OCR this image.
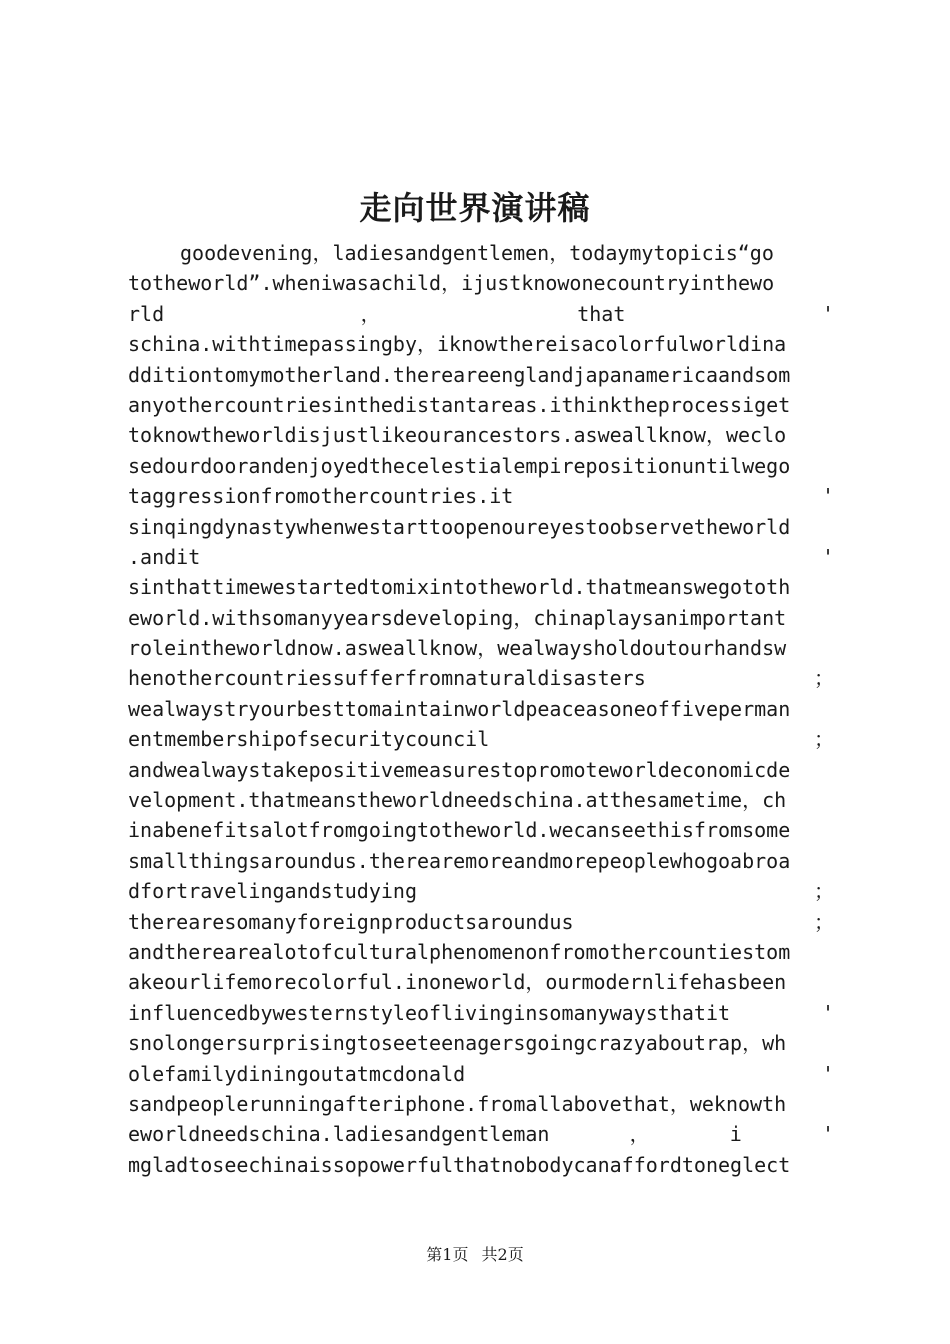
走向世界演讲稿
goodevening，ladiesandgentlemen，todaymytopicis“go
totheworld”.wheniwasachild，ijustknowonecountryinthewo
rld	，	that	'
schina.withtimepassingby，iknowthereisacolorfulworldina
dditiontomymotherland.thereareenglandjapanamericaandsom
anyothercountriesinthedistantareas.ithinktheprocessiget
toknowtheworldisjustlikeourancestors.asweallknow，weclo
sedourdoorandenjoyedthecelestialempirepositionuntilwego
taggressionfromothercountries.it	'
sinqingdynastywhenwestarttoopenoureyestoobservetheworld
.andit	'
sinthattimewestartedtomixintotheworld.thatmeanswegototh
eworld.withsomanyyearsdeveloping，chinaplaysanimportant
roleintheworldnow.asweallknow，wealwaysholdoutourhandsw
henothercountriessufferfromnaturaldisasters	；
wealwaystryourbesttomaintainworldpeaceasoneoffiveperman
entmembershipofsecuritycouncil	；
andwealwaystakepositivemeasurestopromoteworldeconomicde
velopment.thatmeanstheworldneedschina.atthesametime，ch
inabenefitsalotfromgoingtotheworld.wecanseethisfromsome
smallthingsaroundus.therearemoreandmorepeoplewhogoabroa
dfortravelingandstudying	；
therearesomanyforeignproductsaroundus	；
andtherearealotofculturalphenomenonfromothercountiestom
akeourlifemorecolorful.inoneworld，ourmodernlifehasbeen
influencedbywesternstyleoflivinginsomanywaysthatit	'
snolongersurprisingtoseeteenagersgoingcrazyaboutrap，wh
olefamilydiningoutatmcdonald	'
sandpeoplerunningafteriphone.fromallabovethat，weknowth
eworldneedschina.ladiesandgentleman	，	i	'
mgladtoseechinaissopowerfulthatnobodycanaffordtoneglect
第1页 共2页
